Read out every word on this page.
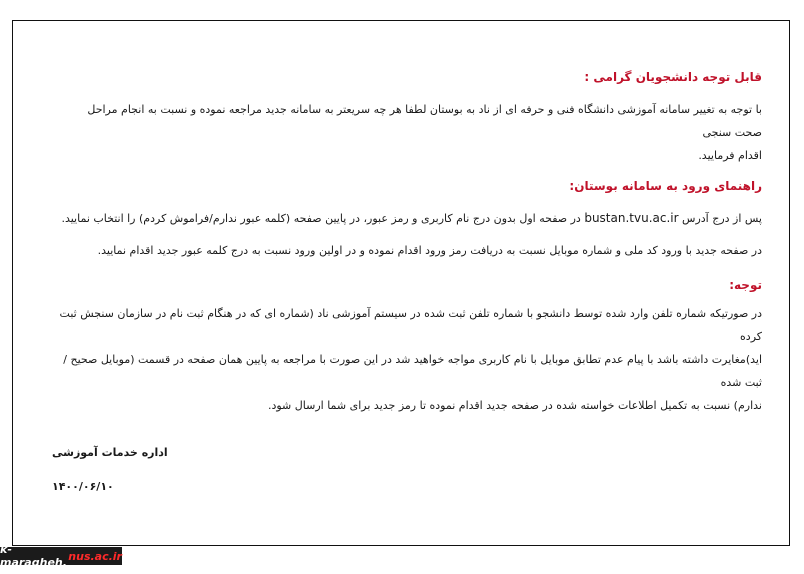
قابل توجه دانشجویان گرامی :

با توجه به تغییر سامانه آموزشی دانشگاه فنی و حرفه ای از ناد به بوستان لطفا هر چه سریعتر به سامانه جدید مراجعه نموده و نسبت به انجام مراحل صحت سنجی
اقدام فرمایید.

راهنمای ورود به سامانه بوستان:

پس از درج آدرس bustan.tvu.ac.ir در صفحه اول بدون درج نام کاربری و رمز عبور، در پایین صفحه (کلمه عبور ندارم/فراموش کردم) را انتخاب نمایید.

در صفحه جدید با ورود کد ملی و شماره موبایل نسبت به دریافت رمز ورود اقدام نموده و در اولین ورود نسبت به درج کلمه عبور جدید اقدام نمایید.

توجه:

در صورتیکه شماره تلفن وارد شده توسط دانشجو با شماره تلفن ثبت شده در سیستم آموزشی ناد (شماره ای که در هنگام ثبت نام در سازمان سنجش ثبت کرده
اید)مغایرت داشته باشد با پیام عدم تطابق موبایل با نام کاربری مواجه خواهید شد در این صورت با مراجعه به پایین همان صفحه در قسمت (موبایل صحیح / ثبت شده
ندارم) نسبت به تکمیل اطلاعات خواسته شده در صفحه جدید اقدام نموده تا رمز جدید برای شما ارسال شود.

اداره خدمات آموزشی
۱۴۰۰/۰۶/۱۰
k-maragheh. nus.ac.ir
